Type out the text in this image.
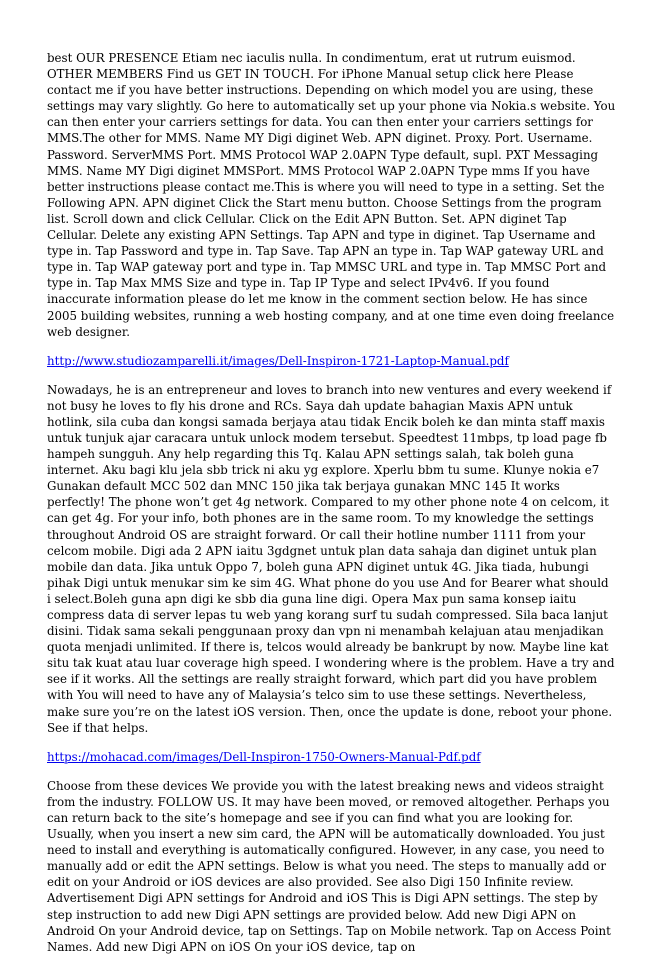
best OUR PRESENCE Etiam nec iaculis nulla. In condimentum, erat ut rutrum euismod. OTHER MEMBERS Find us GET IN TOUCH. For iPhone Manual setup click here Please contact me if you have better instructions. Depending on which model you are using, these settings may vary slightly. Go here to automatically set up your phone via Nokia.s website. You can then enter your carriers settings for data. You can then enter your carriers settings for MMS.The other for MMS. Name MY Digi diginet Web. APN diginet. Proxy. Port. Username. Password. ServerMMS Port. MMS Protocol WAP 2.0APN Type default, supl. PXT Messaging MMS. Name MY Digi diginet MMSPort. MMS Protocol WAP 2.0APN Type mms If you have better instructions please contact me.This is where you will need to type in a setting. Set the Following APN. APN diginet Click the Start menu button. Choose Settings from the program list. Scroll down and click Cellular. Click on the Edit APN Button. Set. APN diginet Tap Cellular. Delete any existing APN Settings. Tap APN and type in diginet. Tap Username and type in. Tap Password and type in. Tap Save. Tap APN an type in. Tap WAP gateway URL and type in. Tap WAP gateway port and type in. Tap MMSC URL and type in. Tap MMSC Port and type in. Tap Max MMS Size and type in. Tap IP Type and select IPv4v6. If you found inaccurate information please do let me know in the comment section below. He has since 2005 building websites, running a web hosting company, and at one time even doing freelance web designer.

http://www.studiozamparelli.it/images/Dell-Inspiron-1721-Laptop-Manual.pdf

Nowadays, he is an entrepreneur and loves to branch into new ventures and every weekend if not busy he loves to fly his drone and RCs. Saya dah update bahagian Maxis APN untuk hotlink, sila cuba dan kongsi samada berjaya atau tidak Encik boleh ke dan minta staff maxis untuk tunjuk ajar caracara untuk unlock modem tersebut. Speedtest 11mbps, tp load page fb hampeh sungguh. Any help regarding this Tq. Kalau APN settings salah, tak boleh guna internet. Aku bagi klu jela sbb trick ni aku yg explore. Xperlu bbm tu sume. Klunye nokia e7 Gunakan default MCC 502 dan MNC 150 jika tak berjaya gunakan MNC 145 It works perfectly! The phone won’t get 4g network. Compared to my other phone note 4 on celcom, it can get 4g. For your info, both phones are in the same room. To my knowledge the settings throughout Android OS are straight forward. Or call their hotline number 1111 from your celcom mobile. Digi ada 2 APN iaitu 3gdgnet untuk plan data sahaja dan diginet untuk plan mobile dan data. Jika untuk Oppo 7, boleh guna APN diginet untuk 4G. Jika tiada, hubungi pihak Digi untuk menukar sim ke sim 4G. What phone do you use And for Bearer what should i select.Boleh guna apn digi ke sbb dia guna line digi. Opera Max pun sama konsep iaitu compress data di server lepas tu web yang korang surf tu sudah compressed. Sila baca lanjut disini. Tidak sama sekali penggunaan proxy dan vpn ni menambah kelajuan atau menjadikan quota menjadi unlimited. If there is, telcos would already be bankrupt by now. Maybe line kat situ tak kuat atau luar coverage high speed. I wondering where is the problem. Have a try and see if it works. All the settings are really straight forward, which part did you have problem with You will need to have any of Malaysia’s telco sim to use these settings. Nevertheless, make sure you’re on the latest iOS version. Then, once the update is done, reboot your phone. See if that helps.

https://mohacad.com/images/Dell-Inspiron-1750-Owners-Manual-Pdf.pdf

Choose from these devices We provide you with the latest breaking news and videos straight from the industry. FOLLOW US. It may have been moved, or removed altogether. Perhaps you can return back to the site’s homepage and see if you can find what you are looking for. Usually, when you insert a new sim card, the APN will be automatically downloaded. You just need to install and everything is automatically configured. However, in any case, you need to manually add or edit the APN settings. Below is what you need. The steps to manually add or edit on your Android or iOS devices are also provided. See also Digi 150 Infinite review. Advertisement Digi APN settings for Android and iOS This is Digi APN settings. The step by step instruction to add new Digi APN settings are provided below. Add new Digi APN on Android On your Android device, tap on Settings. Tap on Mobile network. Tap on Access Point Names. Add new Digi APN on iOS On your iOS device, tap on
